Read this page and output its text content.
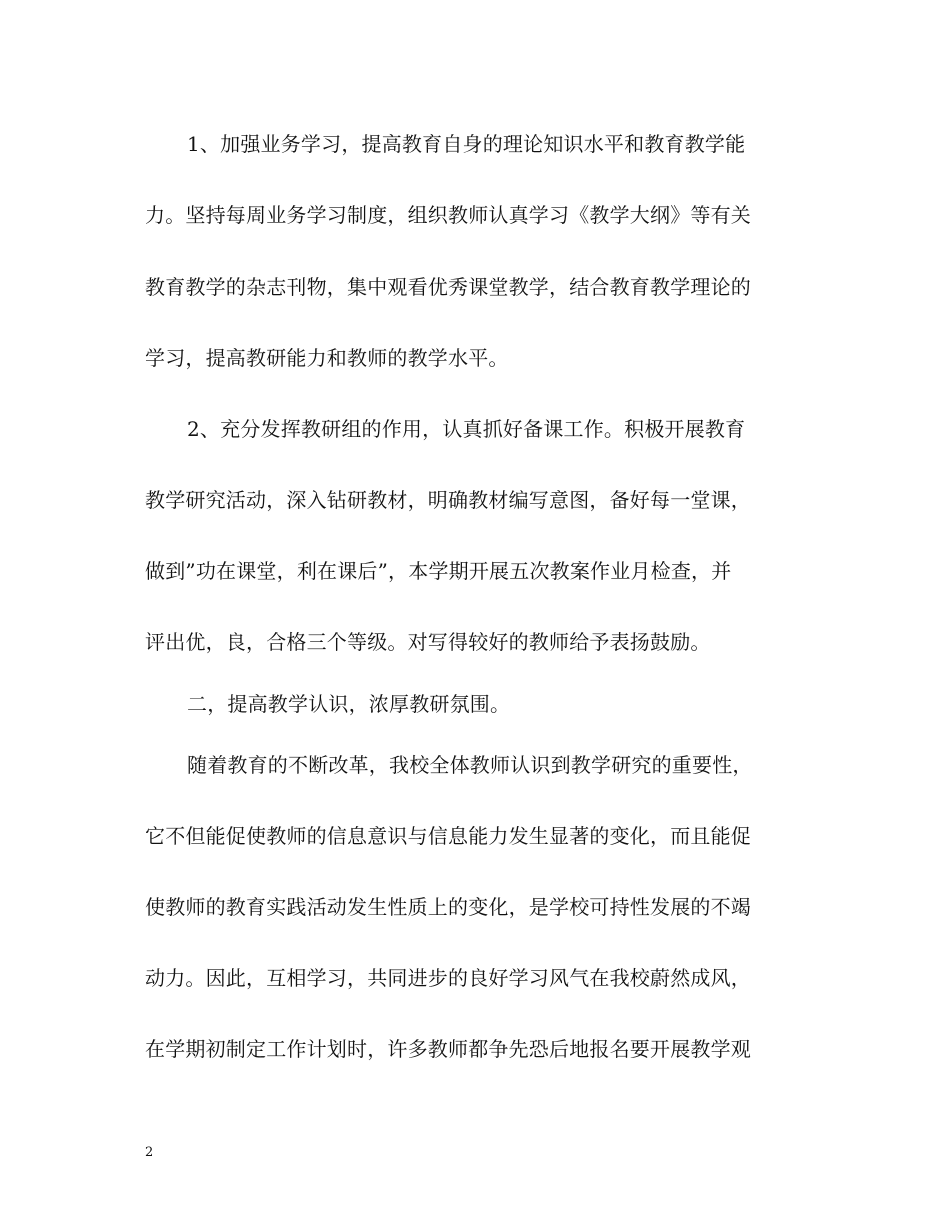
1、加强业务学习，提高教育自身的理论知识水平和教育教学能
力。坚持每周业务学习制度，组织教师认真学习《教学大纲》等有关
教育教学的杂志刊物，集中观看优秀课堂教学，结合教育教学理论的
学习，提高教研能力和教师的教学水平。
2、充分发挥教研组的作用，认真抓好备课工作。积极开展教育
教学研究活动，深入钻研教材，明确教材编写意图，备好每一堂课，
做到”功在课堂，利在课后”，本学期开展五次教案作业月检查，并
评出优，良，合格三个等级。对写得较好的教师给予表扬鼓励。
二，提高教学认识，浓厚教研氛围。
随着教育的不断改革，我校全体教师认识到教学研究的重要性，
它不但能促使教师的信息意识与信息能力发生显著的变化，而且能促
使教师的教育实践活动发生性质上的变化，是学校可持性发展的不竭
动力。因此，互相学习，共同进步的良好学习风气在我校蔚然成风，
在学期初制定工作计划时，许多教师都争先恐后地报名要开展教学观
2
